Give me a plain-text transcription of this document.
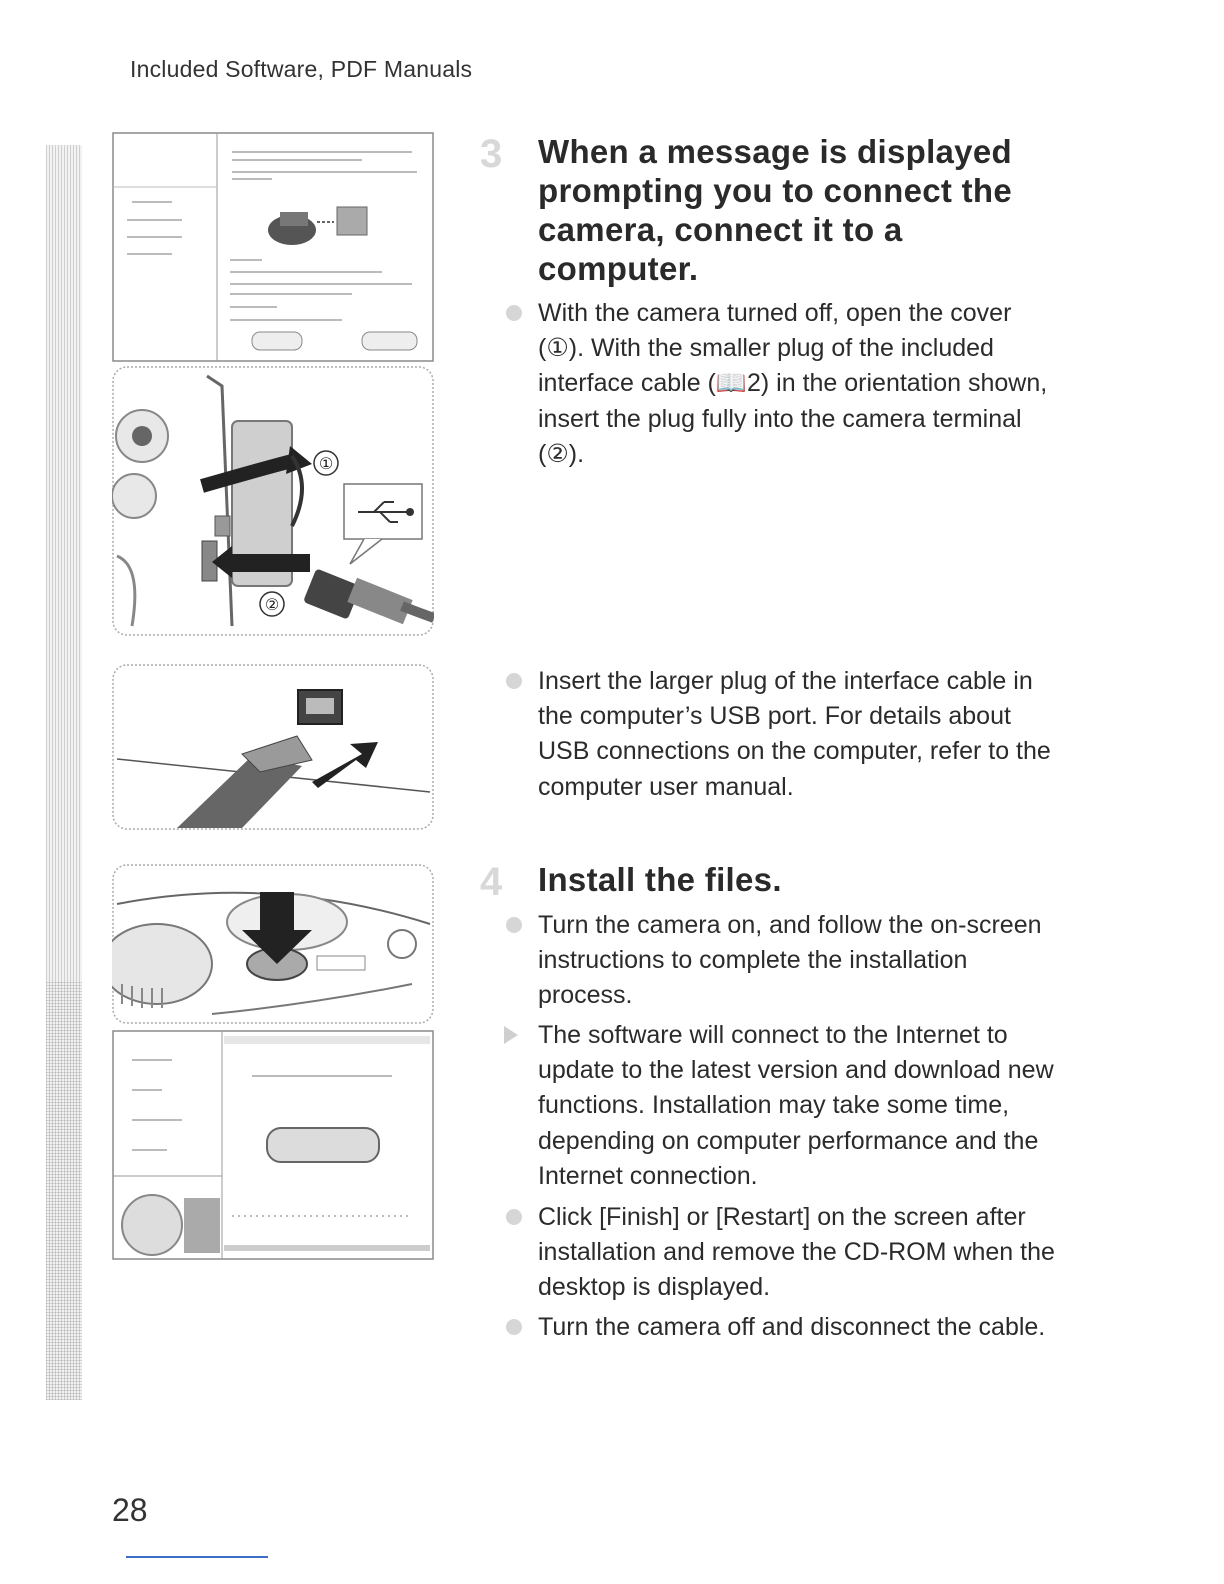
Included Software, PDF Manuals
①
②
3 When a message is displayed prompting you to connect the camera, connect it to a computer.
With the camera turned off, open the cover (①). With the smaller plug of the included interface cable (📖2) in the orientation shown, insert the plug fully into the camera terminal (②).
Insert the larger plug of the interface cable in the computer’s USB port. For details about USB connections on the computer, refer to the computer user manual.
4 Install the files.
Turn the camera on, and follow the on-screen instructions to complete the installation process.
The software will connect to the Internet to update to the latest version and download new functions. Installation may take some time, depending on computer performance and the Internet connection.
Click [Finish] or [Restart] on the screen after installation and remove the CD-ROM when the desktop is displayed.
Turn the camera off and disconnect the cable.
28
